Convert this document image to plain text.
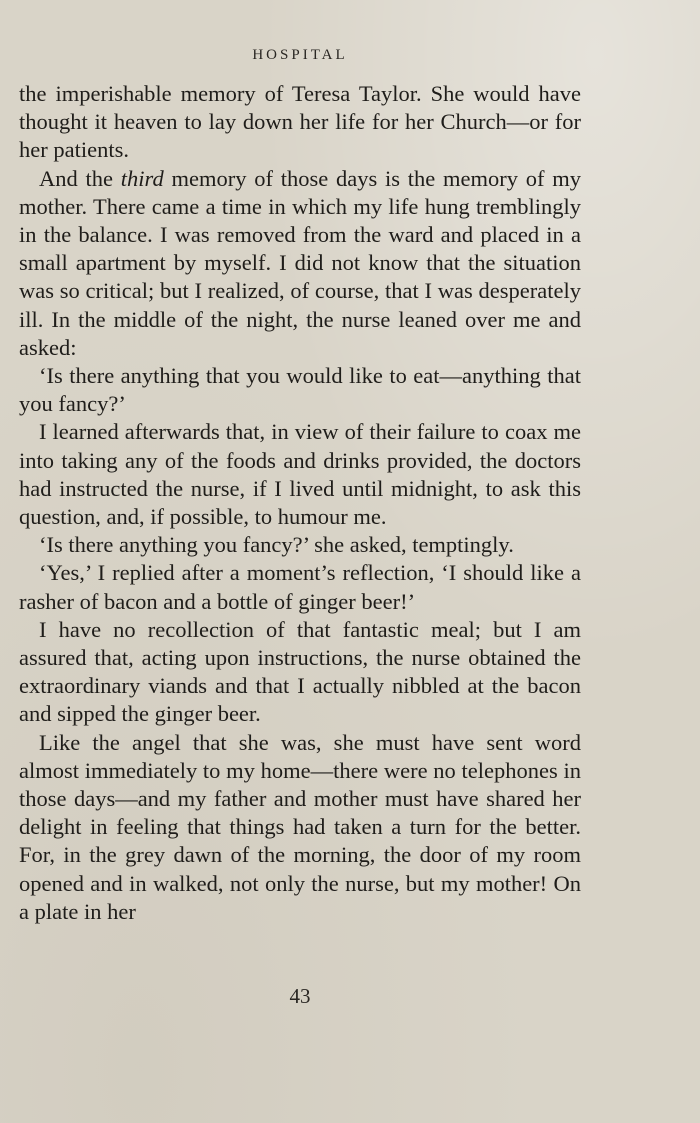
HOSPITAL

the imperishable memory of Teresa Taylor. She would have thought it heaven to lay down her life for her Church—or for her patients.

And the third memory of those days is the memory of my mother. There came a time in which my life hung tremblingly in the balance. I was removed from the ward and placed in a small apartment by myself. I did not know that the situation was so critical; but I realized, of course, that I was desperately ill. In the middle of the night, the nurse leaned over me and asked:

‘Is there anything that you would like to eat—anything that you fancy?’

I learned afterwards that, in view of their failure to coax me into taking any of the foods and drinks provided, the doctors had instructed the nurse, if I lived until midnight, to ask this question, and, if possible, to humour me.

‘Is there anything you fancy?’ she asked, temptingly.

‘Yes,’ I replied after a moment’s reflection, ‘I should like a rasher of bacon and a bottle of ginger beer!’

I have no recollection of that fantastic meal; but I am assured that, acting upon instructions, the nurse obtained the extraordinary viands and that I actually nibbled at the bacon and sipped the ginger beer.

Like the angel that she was, she must have sent word almost immediately to my home—there were no telephones in those days—and my father and mother must have shared her delight in feeling that things had taken a turn for the better. For, in the grey dawn of the morning, the door of my room opened and in walked, not only the nurse, but my mother! On a plate in her

43
